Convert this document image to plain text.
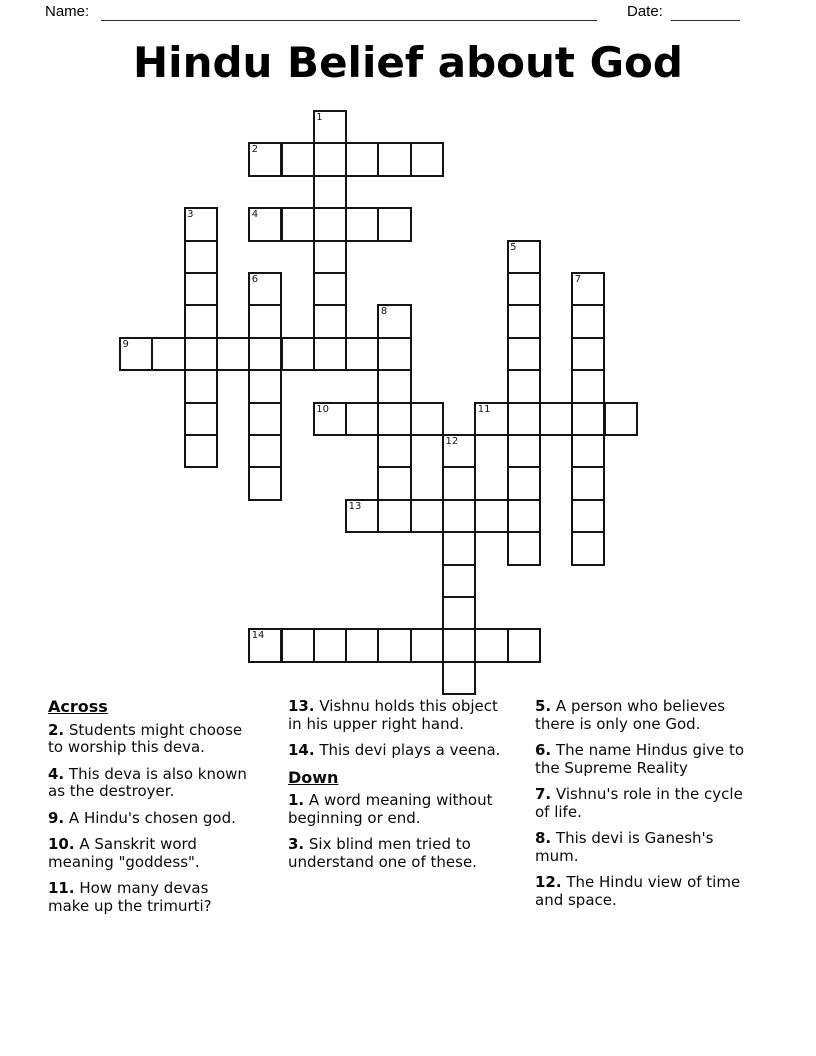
Name:	Date:
Hindu Belief about God
1
2
3	4
5
6	7
8
9
10	11
12
13
14
Across
2. Students might choose to worship this deva.
4. This deva is also known as the destroyer.
9. A Hindu's chosen god.
10. A Sanskrit word meaning "goddess".
11. How many devas make up the trimurti?
13. Vishnu holds this object in his upper right hand.
14. This devi plays a veena.
Down
1. A word meaning without beginning or end.
3. Six blind men tried to understand one of these.
5. A person who believes there is only one God.
6. The name Hindus give to the Supreme Reality
7. Vishnu's role in the cycle of life.
8. This devi is Ganesh's mum.
12. The Hindu view of time and space.
